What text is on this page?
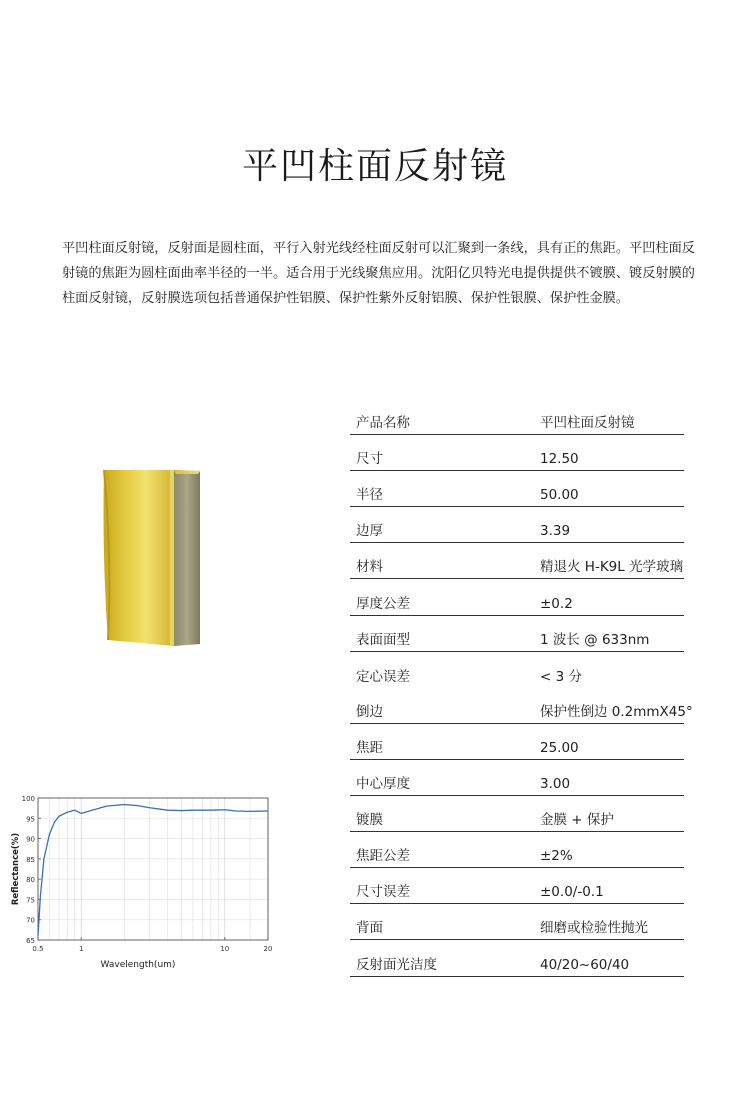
平凹柱面反射镜
平凹柱面反射镜，反射面是圆柱面，平行入射光线经柱面反射可以汇聚到一条线，具有正的焦距。平凹柱面反射镜的焦距为圆柱面曲率半径的一半。适合用于光线聚焦应用。沈阳亿贝特光电提供提供不镀膜、镀反射膜的柱面反射镜，反射膜选项包括普通保护性铝膜、保护性紫外反射铝膜、保护性银膜、保护性金膜。
产品名称	平凹柱面反射镜
尺寸	12.50
半径	50.00
边厚	3.39
材料	精退火 H-K9L 光学玻璃
厚度公差	±0.2
表面面型	1 波长 @ 633nm
定心误差	< 3 分
倒边	保护性倒边 0.2mmX45°
焦距	25.00
中心厚度	3.00
镀膜	金膜 + 保护
焦距公差	±2%
尺寸误差	±0.0/-0.1
背面	细磨或检验性抛光
反射面光洁度	40/20~60/40
65
70
75
80
85
90
95
100
0.5	1	10	20
Wavelength(um)
Reflectance(%)
